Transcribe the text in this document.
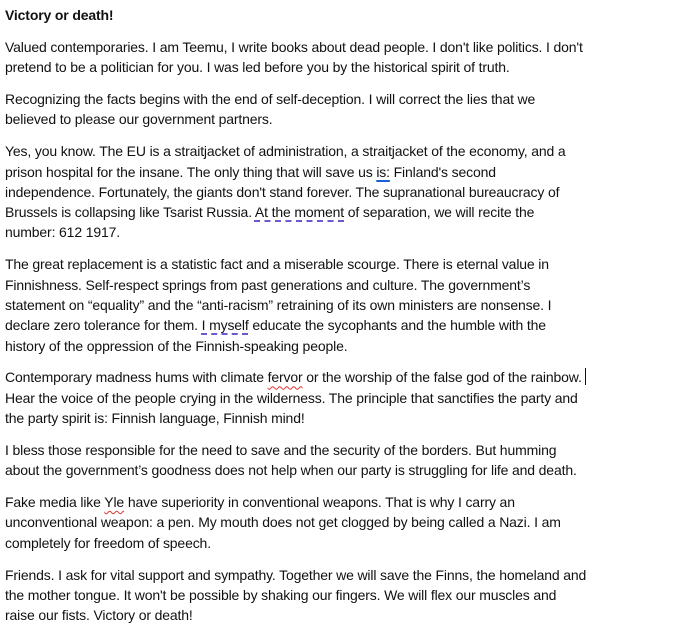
Victory or death!
Valued contemporaries. I am Teemu, I write books about dead people. I don't like politics. I don't
pretend to be a politician for you. I was led before you by the historical spirit of truth.
Recognizing the facts begins with the end of self-deception. I will correct the lies that we
believed to please our government partners.
Yes, you know. The EU is a straitjacket of administration, a straitjacket of the economy, and a
prison hospital for the insane. The only thing that will save us is: Finland's second
independence. Fortunately, the giants don't stand forever. The supranational bureaucracy of
Brussels is collapsing like Tsarist Russia. At the moment of separation, we will recite the
number: 612 1917.
The great replacement is a statistic fact and a miserable scourge. There is eternal value in
Finnishness. Self-respect springs from past generations and culture. The government’s
statement on “equality” and the “anti-racism” retraining of its own ministers are nonsense. I
declare zero tolerance for them. I myself educate the sycophants and the humble with the
history of the oppression of the Finnish-speaking people.
Contemporary madness hums with climate fervor or the worship of the false god of the rainbow.
Hear the voice of the people crying in the wilderness. The principle that sanctifies the party and
the party spirit is: Finnish language, Finnish mind!
I bless those responsible for the need to save and the security of the borders. But humming
about the government’s goodness does not help when our party is struggling for life and death.
Fake media like Yle have superiority in conventional weapons. That is why I carry an
unconventional weapon: a pen. My mouth does not get clogged by being called a Nazi. I am
completely for freedom of speech.
Friends. I ask for vital support and sympathy. Together we will save the Finns, the homeland and
the mother tongue. It won't be possible by shaking our fingers. We will flex our muscles and
raise our fists. Victory or death!
